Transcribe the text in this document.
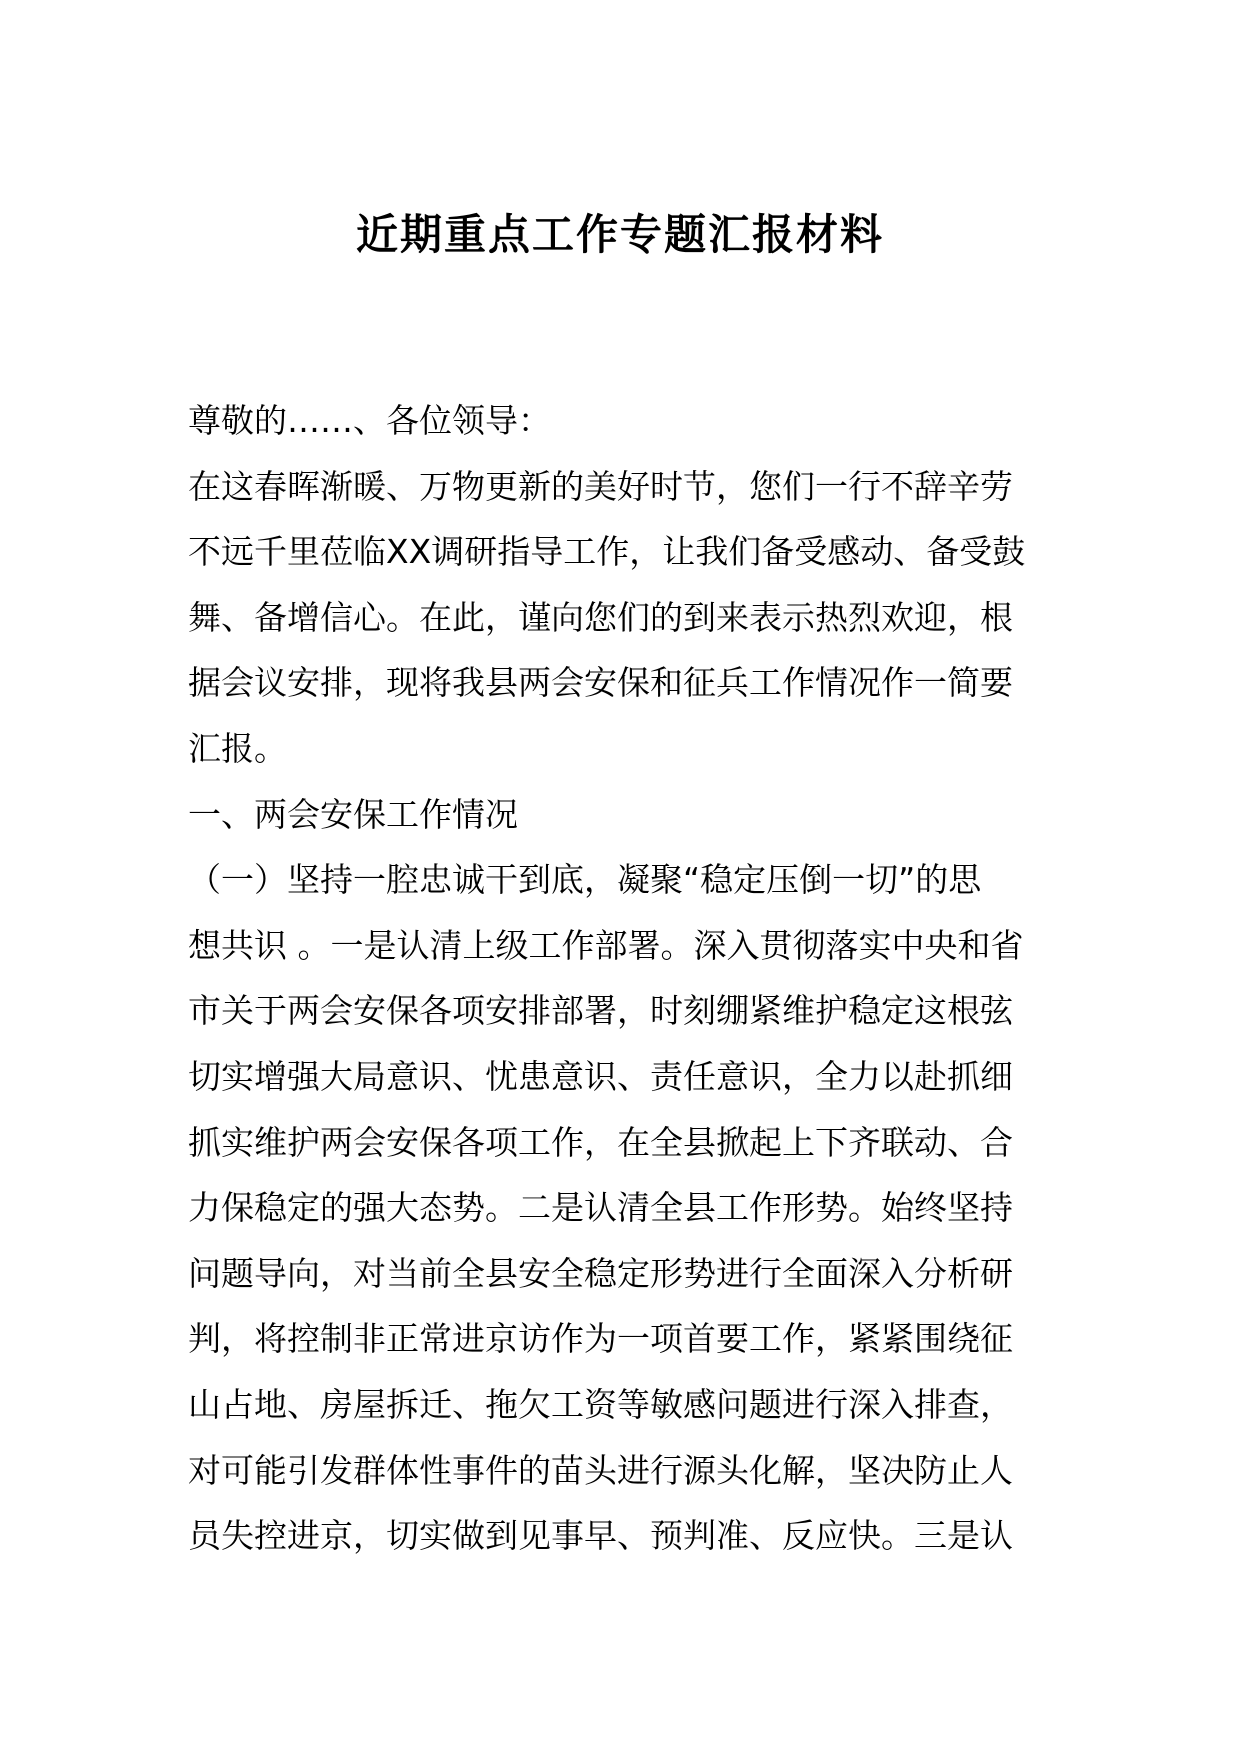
近期重点工作专题汇报材料
尊敬的……、各位领导：
在这春晖渐暖、万物更新的美好时节，您们一行不辞辛劳
不远千里莅临XX调研指导工作，让我们备受感动、备受鼓
舞、备增信心。在此，谨向您们的到来表示热烈欢迎，根
据会议安排，现将我县两会安保和征兵工作情况作一简要
汇报。
一、两会安保工作情况
（一）坚持一腔忠诚干到底，凝聚“稳定压倒一切”的思
想共识 。一是认清上级工作部署。深入贯彻落实中央和省
市关于两会安保各项安排部署，时刻绷紧维护稳定这根弦
切实增强大局意识、忧患意识、责任意识，全力以赴抓细
抓实维护两会安保各项工作，在全县掀起上下齐联动、合
力保稳定的强大态势。二是认清全县工作形势。始终坚持
问题导向，对当前全县安全稳定形势进行全面深入分析研
判，将控制非正常进京访作为一项首要工作，紧紧围绕征
山占地、房屋拆迁、拖欠工资等敏感问题进行深入排查，
对可能引发群体性事件的苗头进行源头化解，坚决防止人
员失控进京，切实做到见事早、预判准、反应快。三是认
